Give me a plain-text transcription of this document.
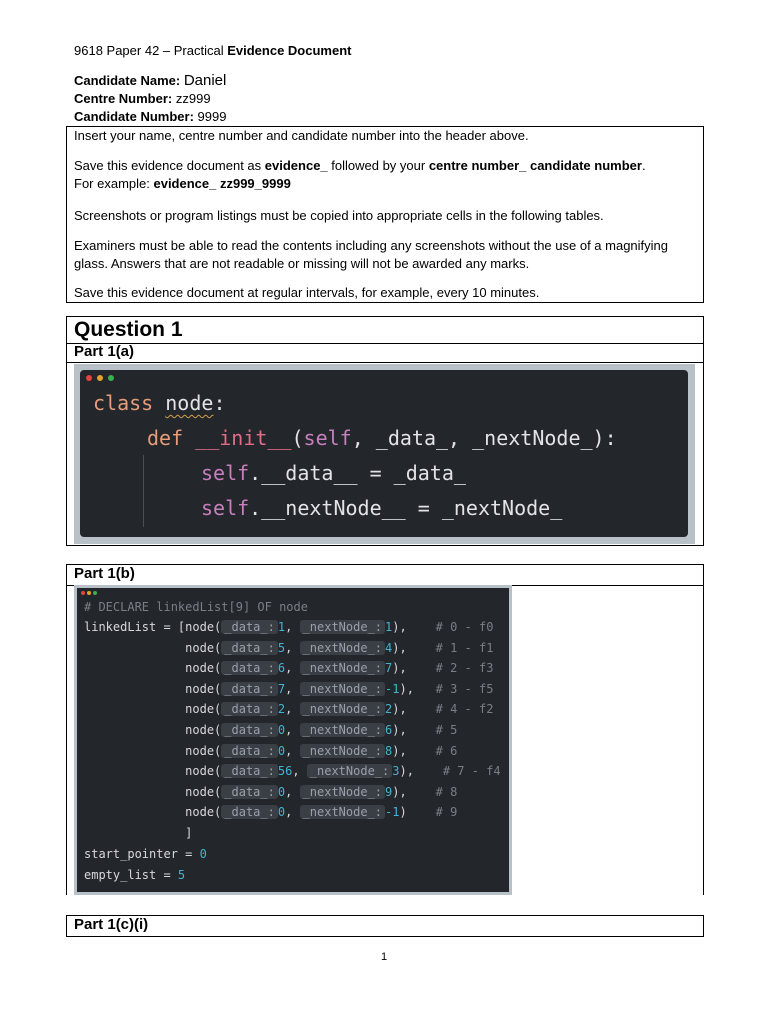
9618 Paper 42 – Practical Evidence Document
Candidate Name: Daniel
Centre Number: zz999
Candidate Number: 9999
Insert your name, centre number and candidate number into the header above.
Save this evidence document as evidence_ followed by your centre number_ candidate number.
For example: evidence_ zz999_9999
Screenshots or program listings must be copied into appropriate cells in the following tables.
Examiners must be able to read the contents including any screenshots without the use of a magnifying glass. Answers that are not readable or missing will not be awarded any marks.
Save this evidence document at regular intervals, for example, every 10 minutes.
Question 1
Part 1(a)
class node:
def __init__(self, _data_, _nextNode_):
self.__data__ = _data_
self.__nextNode__ = _nextNode_
Part 1(b)
# DECLARE linkedList[9] OF node
linkedList = [node( _data_: 1, _nextNode_: 1),    # 0 - f0
node( _data_: 5, _nextNode_: 4),    # 1 - f1
node( _data_: 6, _nextNode_: 7),    # 2 - f3
node( _data_: 7, _nextNode_: -1),   # 3 - f5
node( _data_: 2, _nextNode_: 2),    # 4 - f2
node( _data_: 0, _nextNode_: 6),    # 5
node( _data_: 0, _nextNode_: 8),    # 6
node( _data_: 56, _nextNode_: 3),    # 7 - f4
node( _data_: 0, _nextNode_: 9),    # 8
node( _data_: 0, _nextNode_: -1)    # 9
]
start_pointer = 0
empty_list = 5
Part 1(c)(i)
1
